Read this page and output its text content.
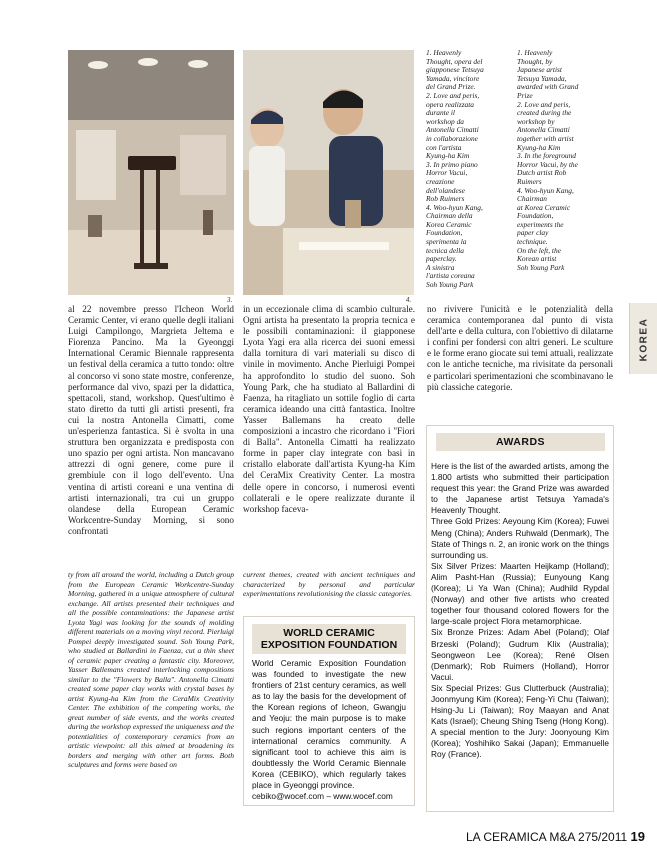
3.	4.
1. Heavenly
Thought, opera del
giapponese Tetsuya
Yamada, vincitore
del Grand Prize.
2. Love and peris,
opera realizzata
durante il
workshop da
Antonella Cimatti
in collaborazione
con l'artista
Kyung-ha Kim
3. In primo piano
Horror Vacui,
creazione
dell'olandese
Rob Ruimers
4. Woo-hyun Kang,
Chairman della
Korea Ceramic
Foundation,
sperimenta la
tecnica della
paperclay.
A sinistra
l'artista coreana
Soh Young Park
1. Heavenly
Thought, by
Japanese artist
Tetsuya Yamada,
awarded with Grand
Prize
2. Love and peris,
created during the
workshop by
Antonella Cimatti
together with artist
Kyung-ha Kim
3. In the foreground
Horror Vacui, by the
Dutch artist Rob
Ruimers
4. Woo-hyun Kang,
Chairman
at Korea Ceramic
Foundation,
experiments the
paper clay
technique.
On the left, the
Korean artist
Soh Young Park

al 22 novembre presso l'Icheon World Ceramic Center, vi erano quelle degli italiani Luigi Campilongo, Margrieta Jeltema e Fiorenza Pancino. Ma la Gyeonggi International Ceramic Biennale rappresenta un festival della ceramica a tutto tondo: oltre al concorso vi sono state mostre, conferenze, performance dal vivo, spazi per la didattica, spettacoli, stand, workshop. Quest'ultimo è stato diretto da tutti gli artisti presenti, fra cui la nostra Antonella Cimatti, come un'esperienza fantastica. Si è svolta in una struttura ben organizzata e predisposta con uno spazio per ogni artista. Non mancavano attrezzi di ogni genere, come pure il grembiule con il logo dell'evento. Una ventina di artisti coreani e una ventina di artisti internazionali, tra cui un gruppo olandese della European Ceramic Workcentre-Sunday Morning, si sono confrontati

in un eccezionale clima di scambio culturale. Ogni artista ha presentato la propria tecnica e le possibili contaminazioni: il giapponese Lyota Yagi era alla ricerca dei suoni emessi dalla tornitura di vari materiali su disco di vinile in movimento. Anche Pierluigi Pompei ha approfondito lo studio del suono. Soh Young Park, che ha studiato al Ballardini di Faenza, ha ritagliato un sottile foglio di carta ceramica ideando una città fantastica. Inoltre Yasser Ballemans ha creato delle composizioni a incastro che ricordano i "Fiori di Balla". Antonella Cimatti ha realizzato forme in paper clay integrate con basi in cristallo elaborate dall'artista Kyung-ha Kim del CeraMix Creativity Center. La mostra delle opere in concorso, i numerosi eventi collaterali e le opere realizzate durante il workshop faceva-

no rivivere l'unicità e le potenzialità della ceramica contemporanea dal punto di vista dell'arte e della cultura, con l'obiettivo di dilatarne i confini per fondersi con altri generi. Le sculture e le forme erano giocate sui temi attuali, realizzate con le antiche tecniche, ma rivisitate da personali e particolari sperimentazioni che scombinavano le più classiche categorie.

ty from all around the world, including a Dutch group from the European Ceramic Workcentre-Sunday Morning, gathered in a unique atmosphere of cultural exchange. All artists presented their techniques and all the possible contaminations: the Japanese artist Lyota Yagi was looking for the sounds of molding different materials on a moving vinyl record. Pierluigi Pompei deeply investigated sound. Soh Young Park, who studied at Ballardini in Faenza, cut a thin sheet of ceramic paper creating a fantastic city. Moreover, Yasser Ballemans created interlocking compositions similar to the "Flowers by Balla". Antonella Cimatti created some paper clay works with crystal bases by artist Kyung-ha Kim from the CeraMix Creativity Center. The exhibition of the competing works, the great number of side events, and the works created during the workshop expressed the uniqueness and the potentialities of contemporary ceramics from an artistic viewpoint: all this aimed at broadening its borders and merging with other art forms. Both sculptures and forms were based on

current themes, created with ancient techniques and characterized by personal and particular experimentations revolutionising the classic categories.

WORLD CERAMIC EXPOSITION FOUNDATION

World Ceramic Exposition Foundation was founded to investigate the new frontiers of 21st century ceramics, as well as to lay the basis for the development of the Korean regions of Icheon, Gwangju and Yeoju: the main purpose is to make such regions important centers of the international ceramics community. A significant tool to achieve this aim is doubtlessly the World Ceramic Biennale Korea (CEBIKO), which regularly takes place in Gyeonggi province.

cebiko@wocef.com – www.wocef.com

AWARDS

Here is the list of the awarded artists, among the 1.800 artists who submitted their participation request this year: the Grand Prize was awarded to the Japanese artist Tetsuya Yamada's Heavenly Thought.

Three Gold Prizes: Aeyoung Kim (Korea); Fuwei Meng (China); Anders Ruhwald (Denmark), The State of Things n. 2, an ironic work on the things surrounding us.

Six Silver Prizes: Maarten Heijkamp (Holland); Alim Pasht-Han (Russia); Eunyoung Kang (Korea); Li Ya Wan (China); Audhild Rypdal (Norway) and other five artists who created together four thousand colored flowers for the large-scale project Flora metamorphicae.

Six Bronze Prizes: Adam Abel (Poland); Olaf Brzeski (Poland); Gudrum Klix (Australia); Seongweon Lee (Korea); René Olsen (Denmark); Rob Ruimers (Holland), Horror Vacui.

Six Special Prizes: Gus Clutterbuck (Australia); Joonmyung Kim (Korea); Feng-Yi Chu (Taiwan); Hsing-Ju Li (Taiwan); Roy Maayan and Anat Kats (Israel); Cheung Shing Tseng (Hong Kong).

A special mention to the Jury: Joonyoung Kim (Korea); Yoshihiko Sakai (Japan); Emmanuelle Roy (France).

KOREA
LA CERAMICA M&A 275/2011 19
